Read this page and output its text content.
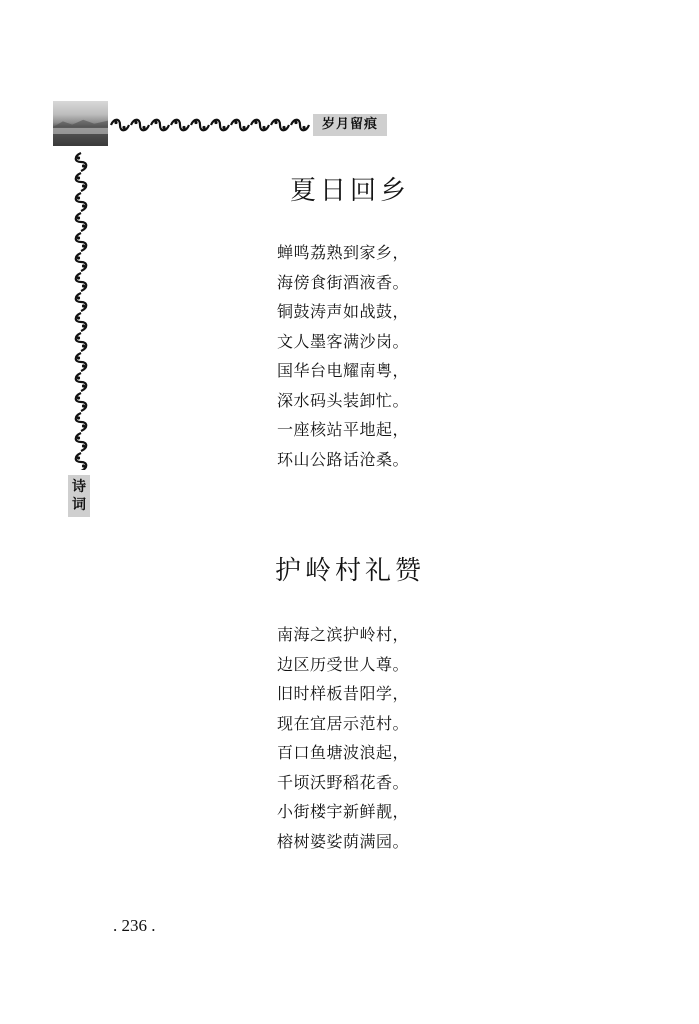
岁月留痕
诗词
夏日回乡
蝉鸣荔熟到家乡，
海傍食街酒液香。
铜鼓涛声如战鼓，
文人墨客满沙岗。
国华台电耀南粤，
深水码头装卸忙。
一座核站平地起，
环山公路话沧桑。
护岭村礼赞
南海之滨护岭村，
边区历受世人尊。
旧时样板昔阳学，
现在宜居示范村。
百口鱼塘波浪起，
千顷沃野稻花香。
小街楼宇新鲜靓，
榕树婆娑荫满园。
. 236 .
